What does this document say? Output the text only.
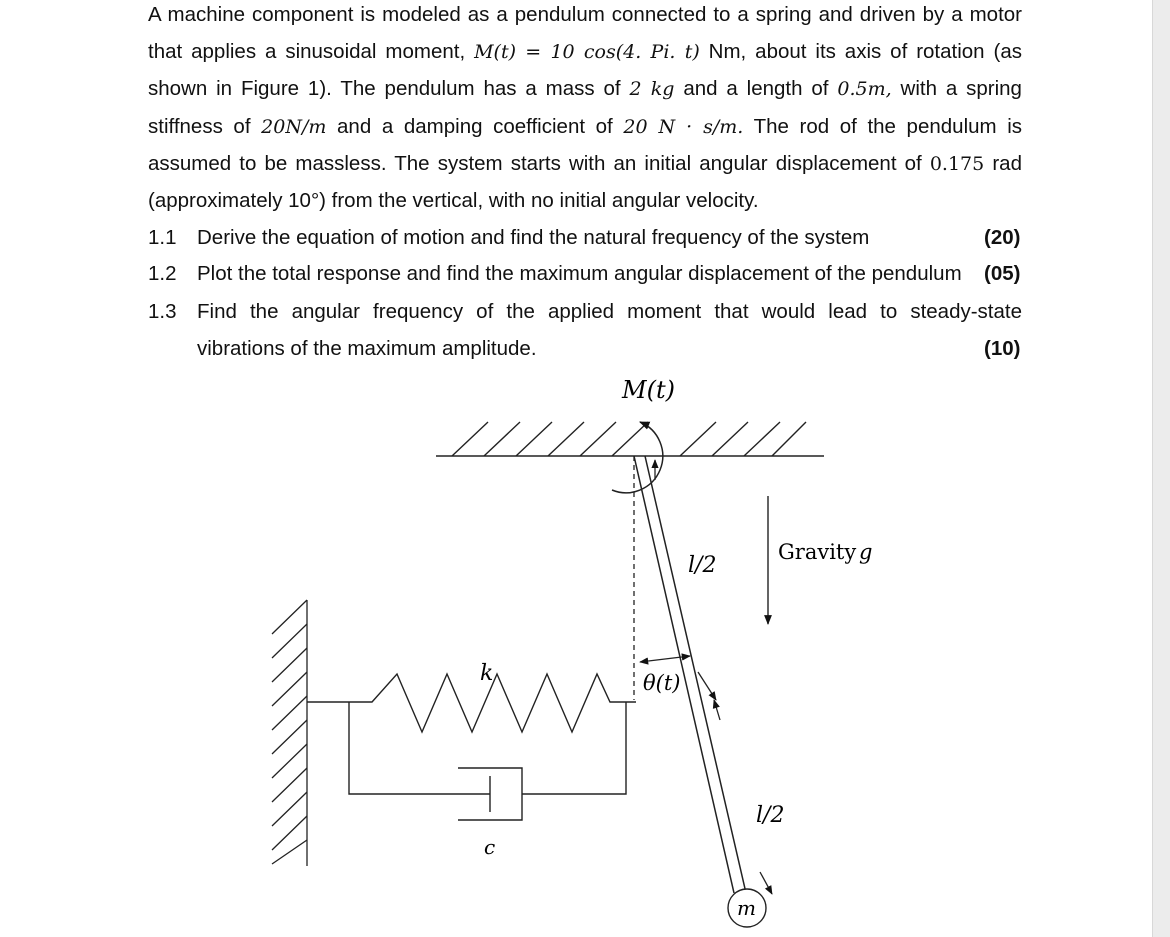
A machine component is modeled as a pendulum connected to a spring and driven by a motor
that applies a sinusoidal moment, M(t) = 10 cos(4. Pi. t) Nm, about its axis of rotation (as
shown in Figure 1). The pendulum has a mass of 2 kg and a length of 0.5m, with a spring
stiffness of 20N/m and a damping coefficient of 20 N · s/m. The rod of the pendulum is
assumed to be massless. The system starts with an initial angular displacement of 0.175 rad
(approximately 10°) from the vertical, with no initial angular velocity.
1.1 Derive the equation of motion and find the natural frequency of the system	(20)
1.2 Plot the total response and find the maximum angular displacement of the pendulum (05)
1.3 Find the angular frequency of the applied moment that would lead to steady-state
vibrations of the maximum amplitude.	(10)
M(t)
l/2
l/2
Gravity g
θ(t)
k
c
m
